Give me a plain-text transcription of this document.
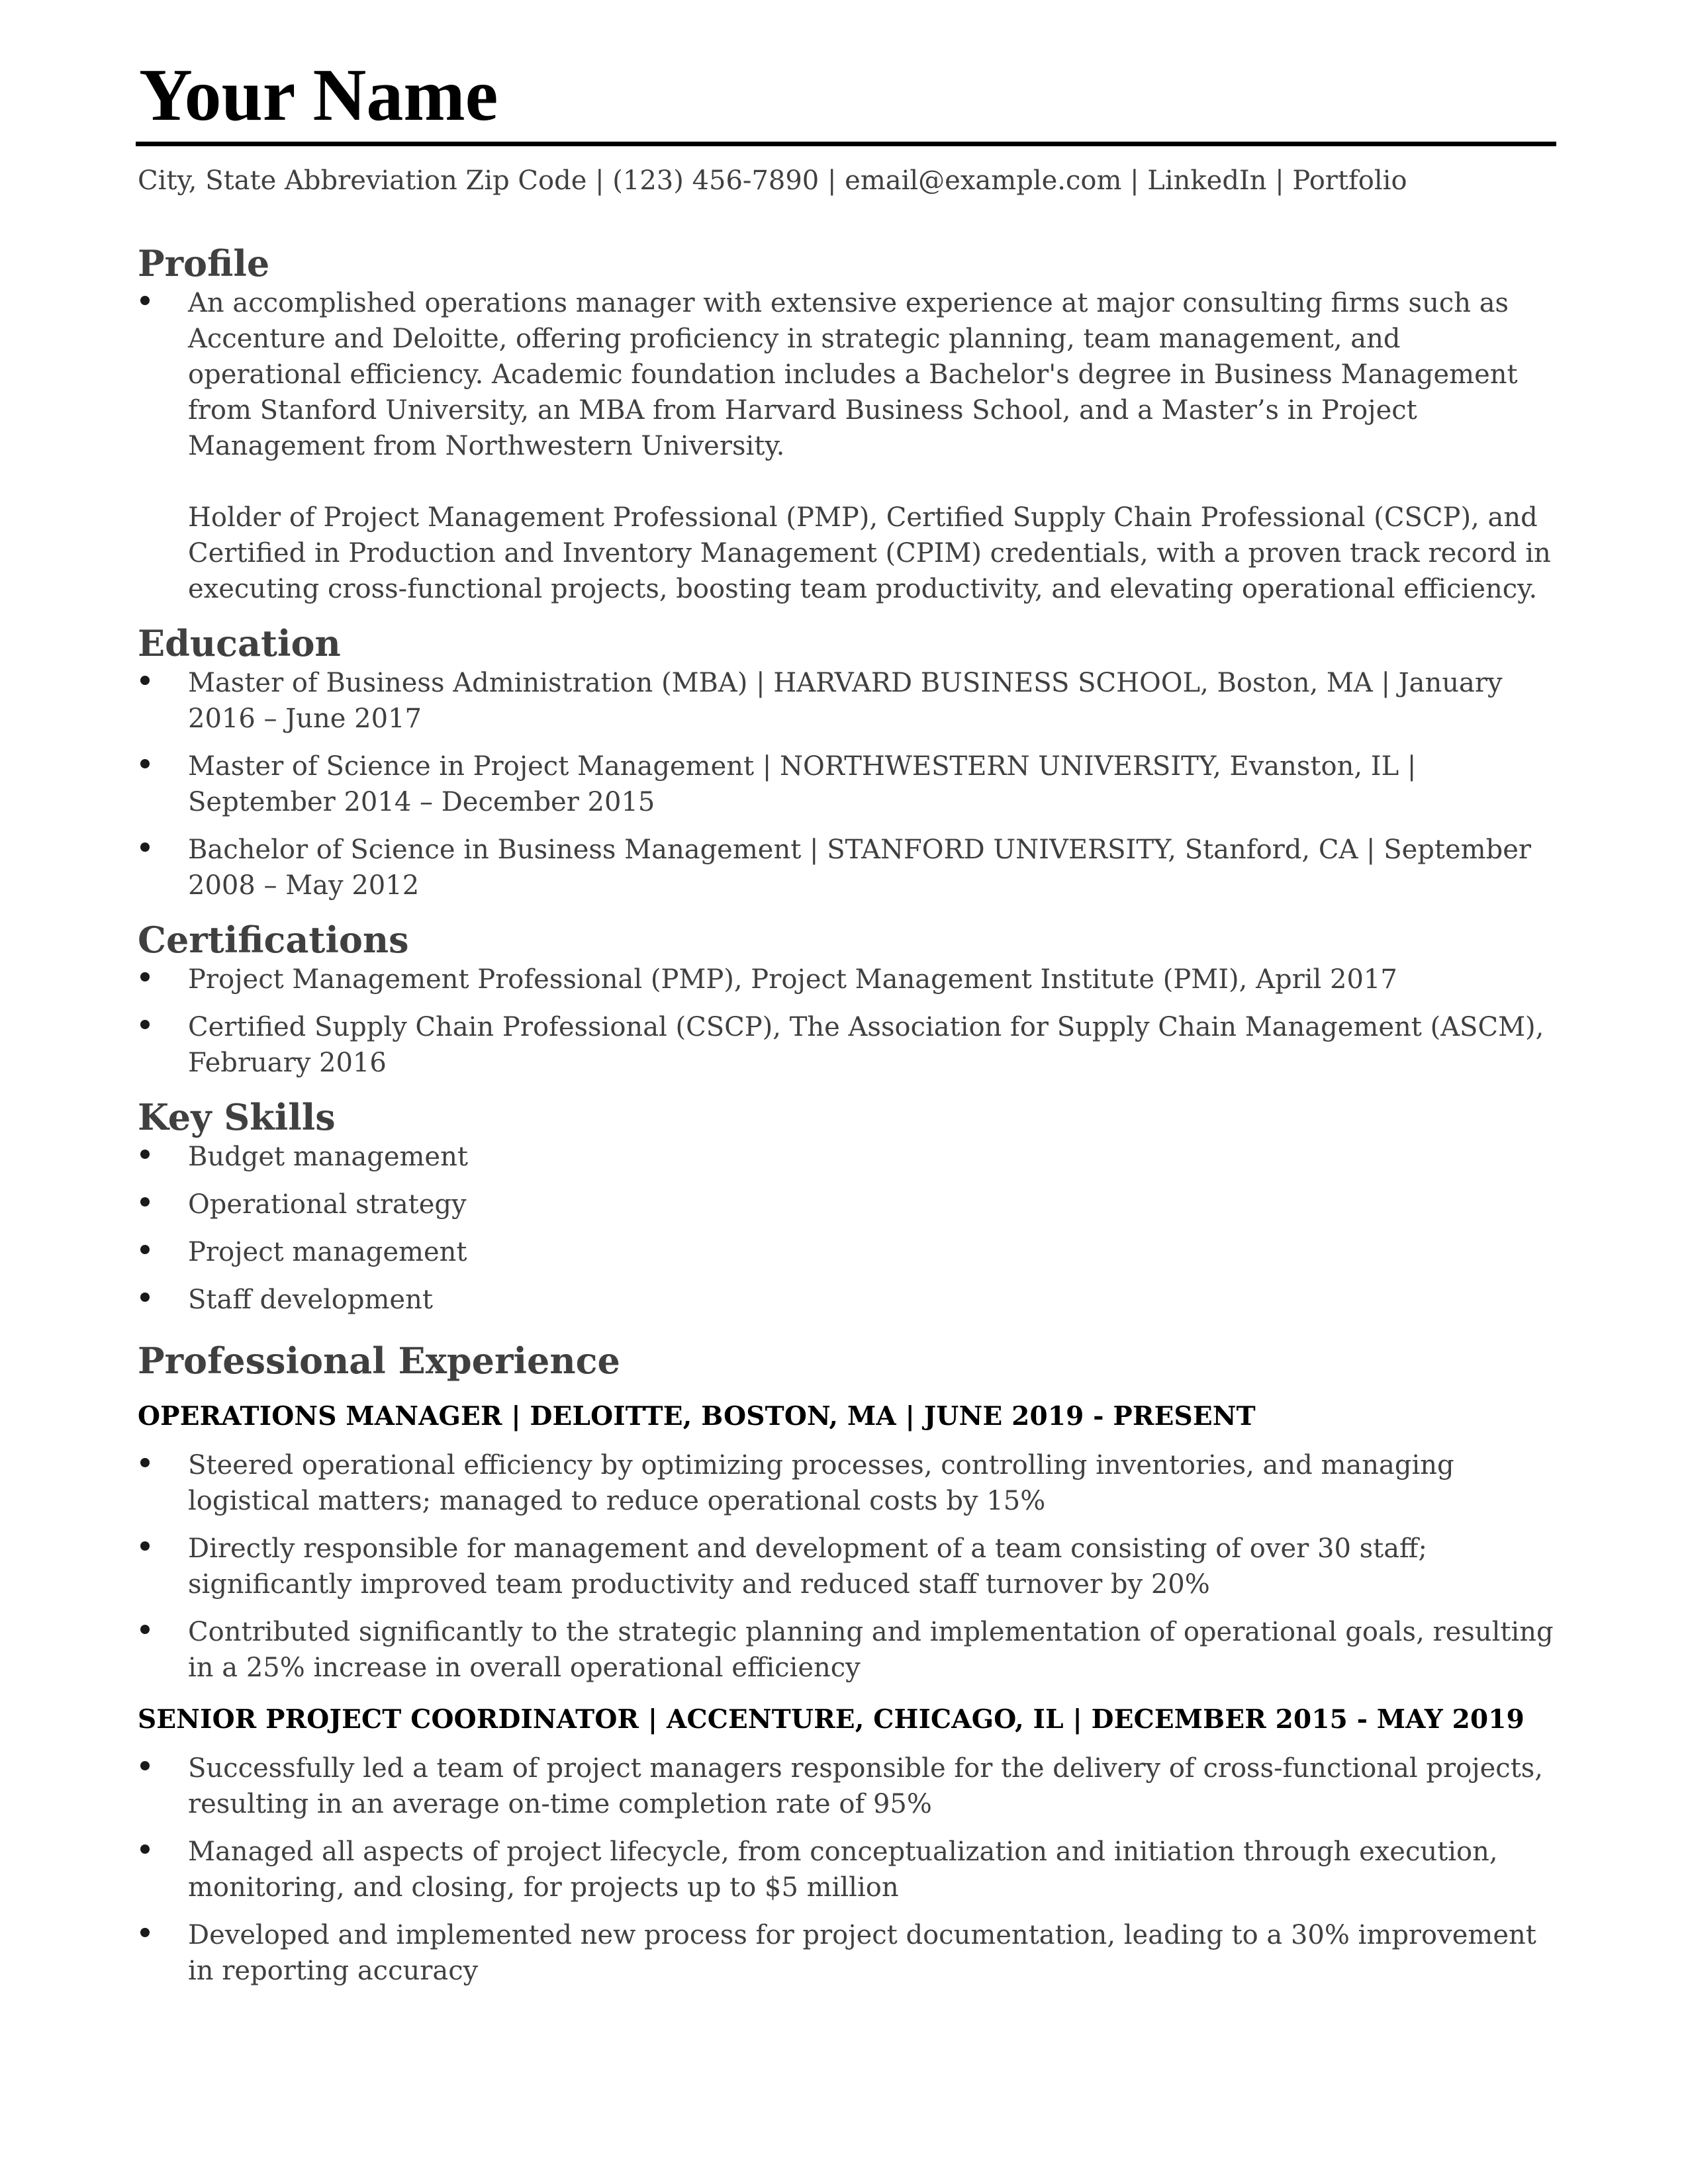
Your Name
City, State Abbreviation Zip Code | (123) 456-7890 | email@example.com | LinkedIn | Portfolio
Profile
An accomplished operations manager with extensive experience at major consulting firms such as Accenture and Deloitte, offering proficiency in strategic planning, team management, and operational efficiency. Academic foundation includes a Bachelor's degree in Business Management from Stanford University, an MBA from Harvard Business School, and a Master’s in Project Management from Northwestern University.
Holder of Project Management Professional (PMP), Certified Supply Chain Professional (CSCP), and Certified in Production and Inventory Management (CPIM) credentials, with a proven track record in executing cross-functional projects, boosting team productivity, and elevating operational efficiency.
Education
Master of Business Administration (MBA) | HARVARD BUSINESS SCHOOL, Boston, MA | January 2016 – June 2017
Master of Science in Project Management | NORTHWESTERN UNIVERSITY, Evanston, IL | September 2014 – December 2015
Bachelor of Science in Business Management | STANFORD UNIVERSITY, Stanford, CA | September 2008 – May 2012
Certifications
Project Management Professional (PMP), Project Management Institute (PMI), April 2017
Certified Supply Chain Professional (CSCP), The Association for Supply Chain Management (ASCM), February 2016
Key Skills
Budget management
Operational strategy
Project management
Staff development
Professional Experience
OPERATIONS MANAGER | DELOITTE, BOSTON, MA | JUNE 2019 - PRESENT
Steered operational efficiency by optimizing processes, controlling inventories, and managing logistical matters; managed to reduce operational costs by 15%
Directly responsible for management and development of a team consisting of over 30 staff; significantly improved team productivity and reduced staff turnover by 20%
Contributed significantly to the strategic planning and implementation of operational goals, resulting in a 25% increase in overall operational efficiency
SENIOR PROJECT COORDINATOR | ACCENTURE, CHICAGO, IL | DECEMBER 2015 - MAY 2019
Successfully led a team of project managers responsible for the delivery of cross-functional projects, resulting in an average on-time completion rate of 95%
Managed all aspects of project lifecycle, from conceptualization and initiation through execution, monitoring, and closing, for projects up to $5 million
Developed and implemented new process for project documentation, leading to a 30% improvement in reporting accuracy
